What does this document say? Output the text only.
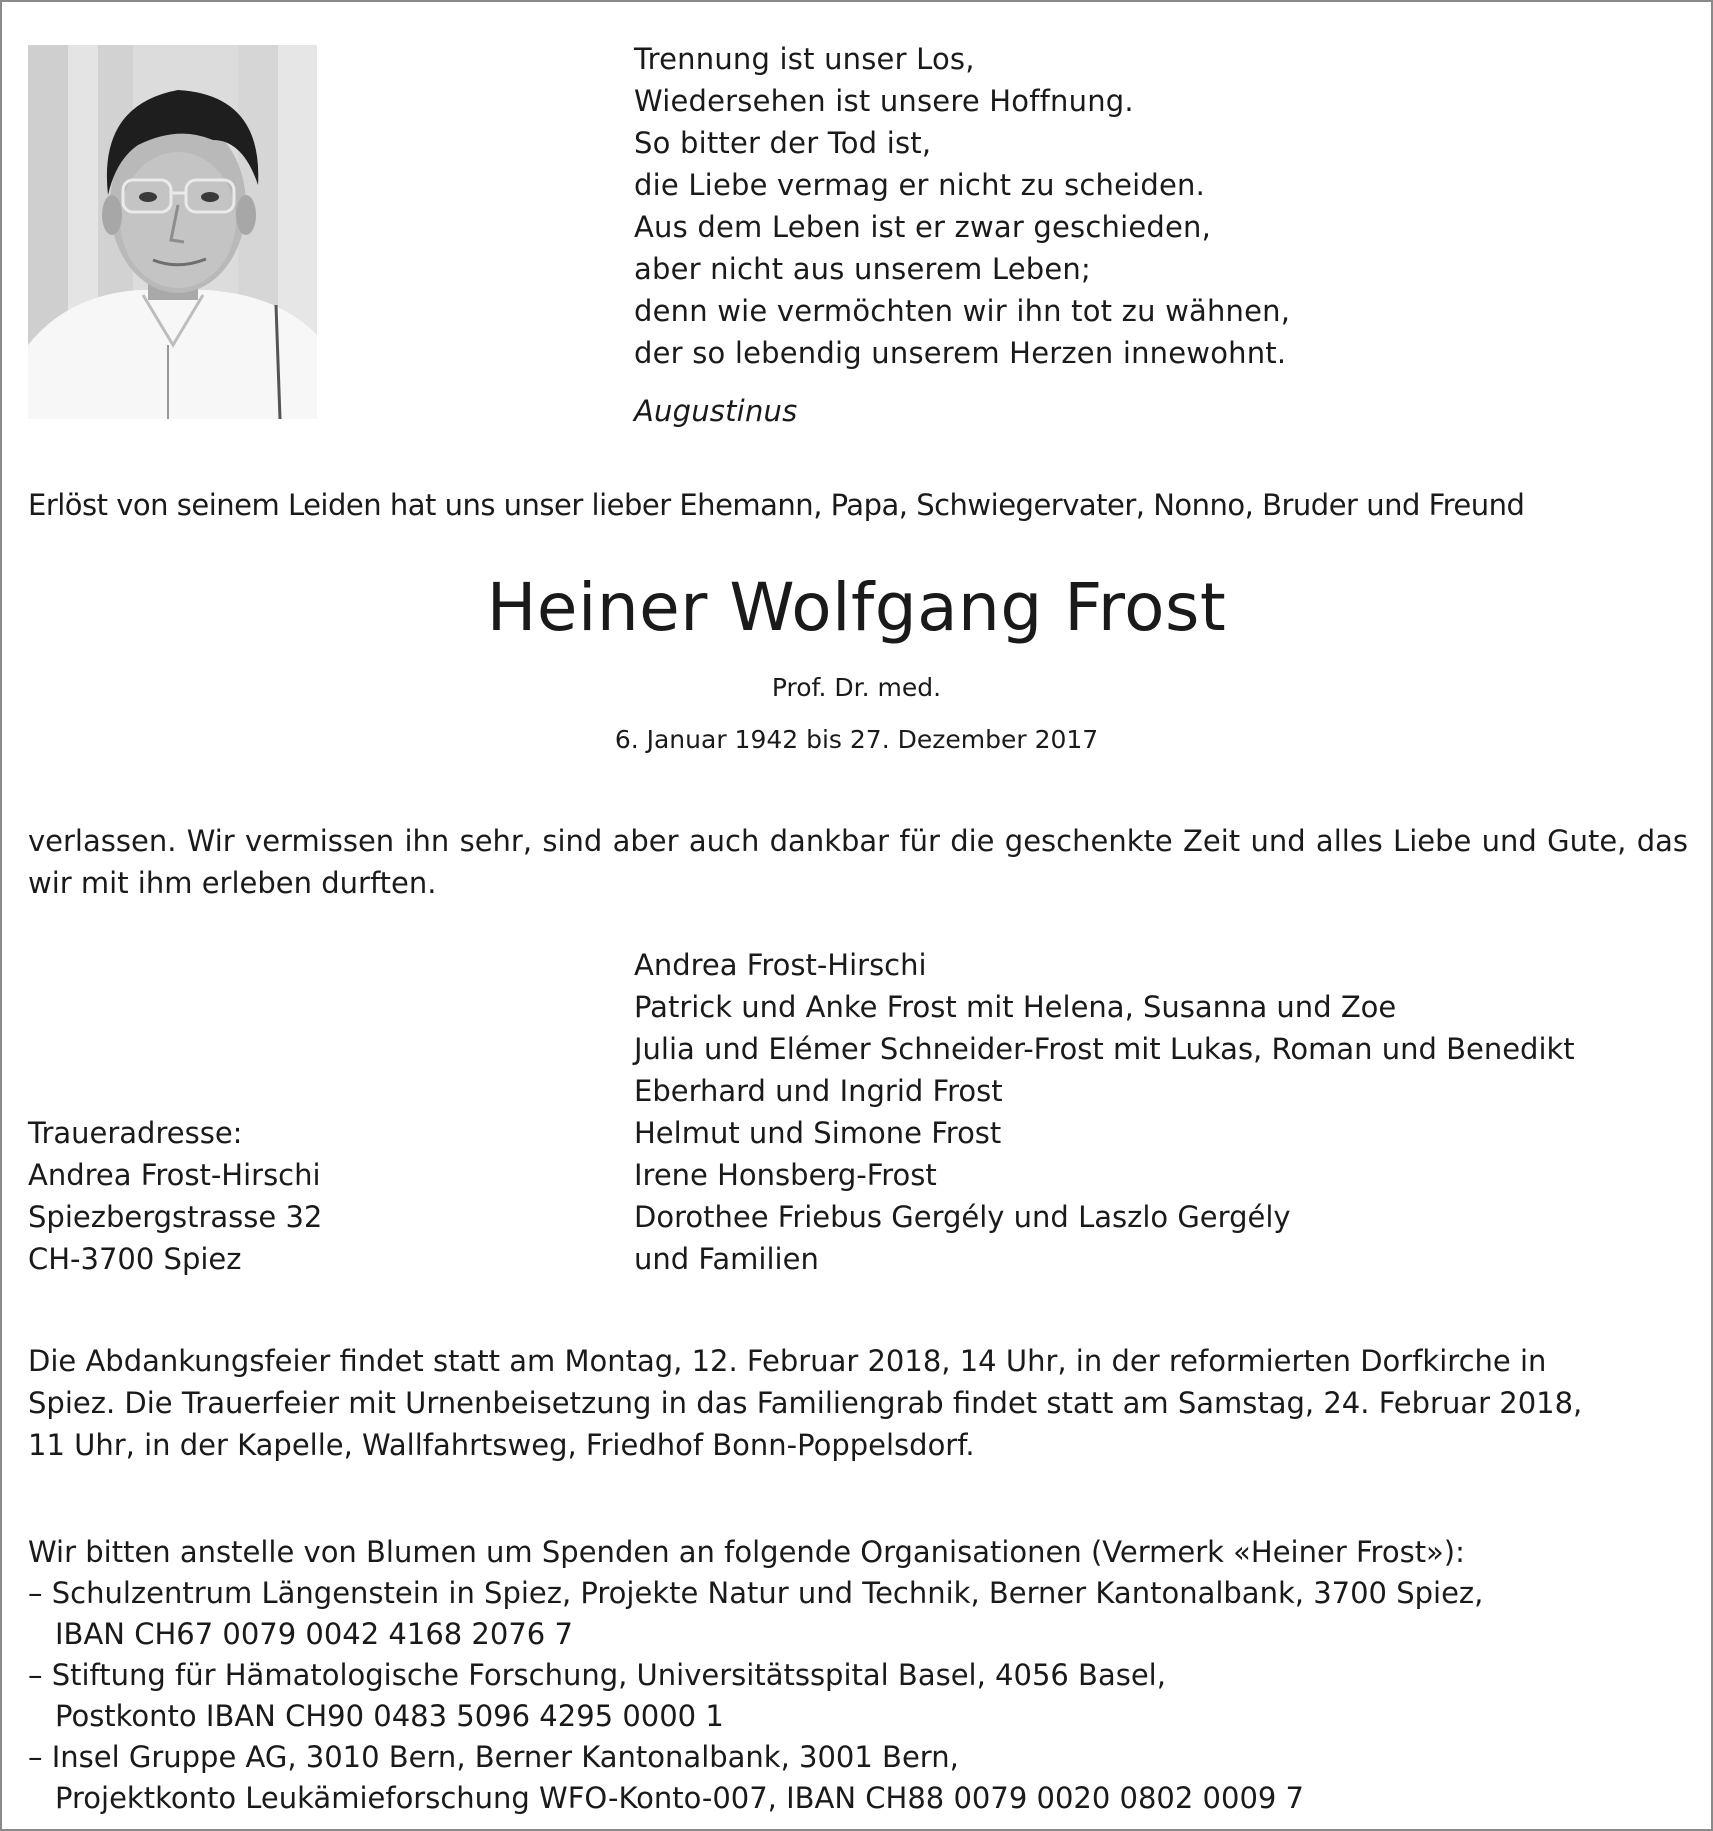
Trennung ist unser Los,
Wiedersehen ist unsere Hoffnung.
So bitter der Tod ist,
die Liebe vermag er nicht zu scheiden.
Aus dem Leben ist er zwar geschieden,
aber nicht aus unserem Leben;
denn wie vermöchten wir ihn tot zu wähnen,
der so lebendig unserem Herzen innewohnt.
Augustinus
Erlöst von seinem Leiden hat uns unser lieber Ehemann, Papa, Schwiegervater, Nonno, Bruder und Freund
Heiner Wolfgang Frost
Prof. Dr. med.
6. Januar 1942 bis 27. Dezember 2017
verlassen. Wir vermissen ihn sehr, sind aber auch dankbar für die geschenkte Zeit und alles Liebe und Gute, das wir mit ihm erleben durften.
Andrea Frost-Hirschi
Patrick und Anke Frost mit Helena, Susanna und Zoe
Julia und Elémer Schneider-Frost mit Lukas, Roman und Benedikt
Eberhard und Ingrid Frost
Helmut und Simone Frost
Irene Honsberg-Frost
Dorothee Friebus Gergély und Laszlo Gergély
und Familien
Traueradresse:
Andrea Frost-Hirschi
Spiezbergstrasse 32
CH-3700 Spiez
Die Abdankungsfeier findet statt am Montag, 12. Februar 2018, 14 Uhr, in der reformierten Dorfkirche in
Spiez. Die Trauerfeier mit Urnenbeisetzung in das Familiengrab findet statt am Samstag, 24. Februar 2018,
11 Uhr, in der Kapelle, Wallfahrtsweg, Friedhof Bonn-Poppelsdorf.
Wir bitten anstelle von Blumen um Spenden an folgende Organisationen (Vermerk «Heiner Frost»):
– Schulzentrum Längenstein in Spiez, Projekte Natur und Technik, Berner Kantonalbank, 3700 Spiez,
IBAN CH67 0079 0042 4168 2076 7
– Stiftung für Hämatologische Forschung, Universitätsspital Basel, 4056 Basel,
Postkonto IBAN CH90 0483 5096 4295 0000 1
– Insel Gruppe AG, 3010 Bern, Berner Kantonalbank, 3001 Bern,
Projektkonto Leukämieforschung WFO-Konto-007, IBAN CH88 0079 0020 0802 0009 7
